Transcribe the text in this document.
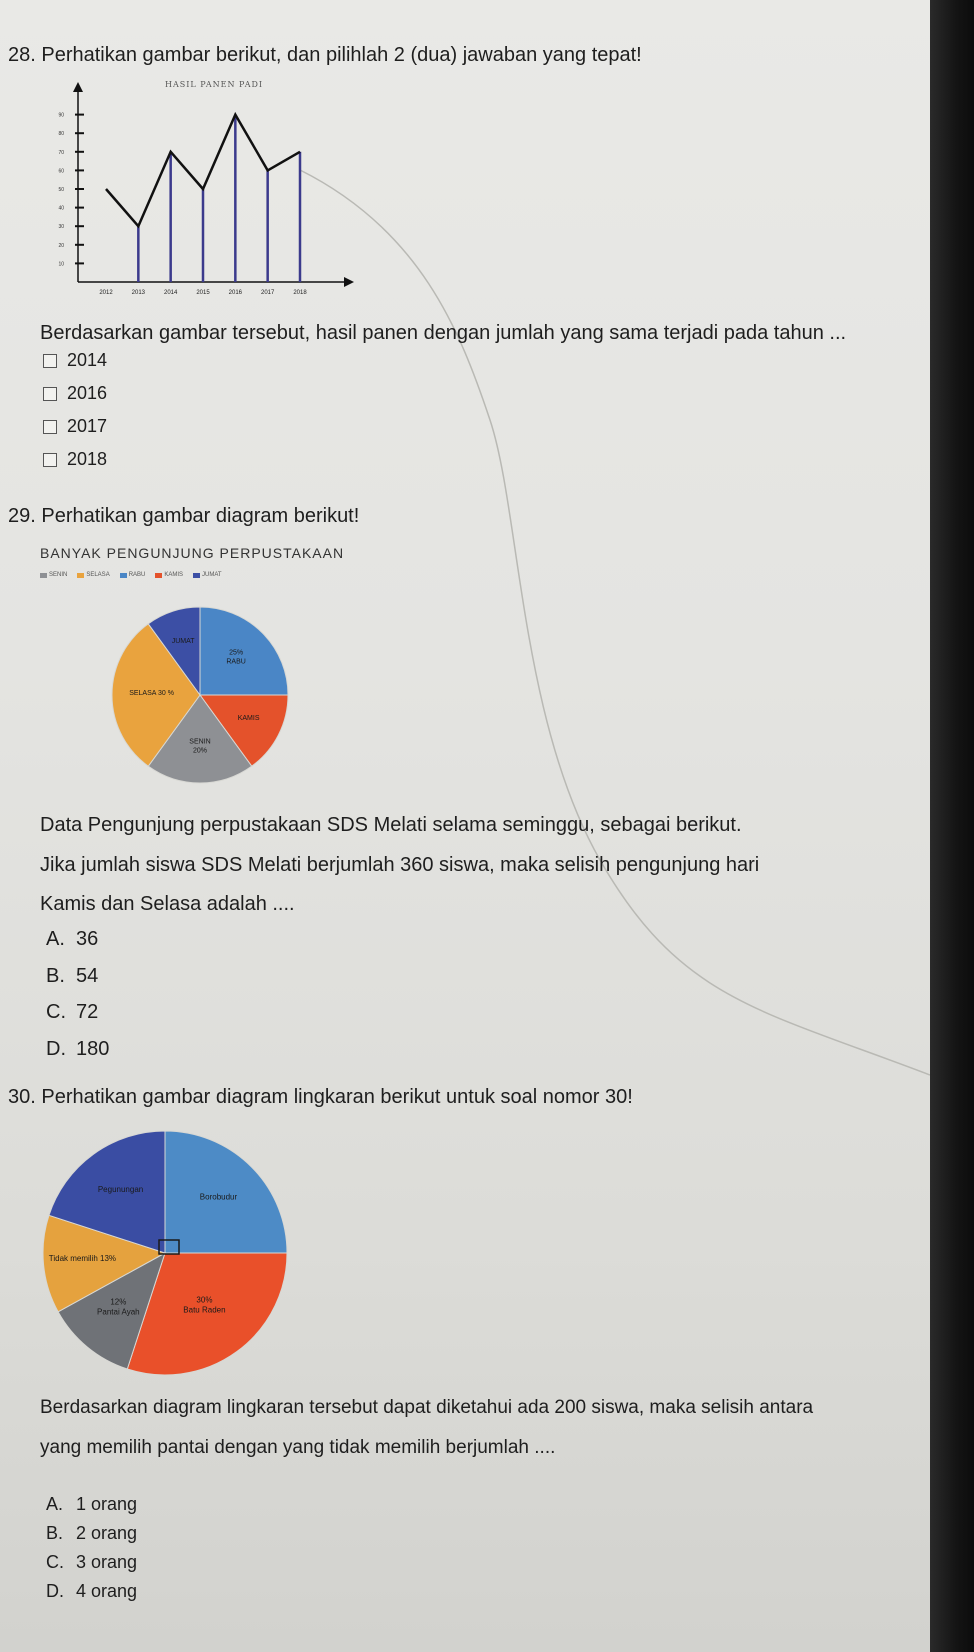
28. Perhatikan gambar berikut, dan pilihlah 2 (dua) jawaban yang tepat!
HASIL PANEN PADI
10
20
30
40
50
60
70
80
90
2012	2013	2014	2015	2016	2017	2018
Berdasarkan gambar tersebut, hasil panen dengan jumlah yang sama terjadi pada tahun ...
2014
2016
2017
2018
29. Perhatikan gambar diagram berikut!
BANYAK PENGUNJUNG PERPUSTAKAAN
SENIN	SELASA	RABU	KAMIS	JUMAT
25% RABU
KAMIS
SENIN 20%
SELASA 30 %
JUMAT
Data Pengunjung perpustakaan SDS Melati selama seminggu, sebagai berikut.
Jika jumlah siswa SDS Melati berjumlah 360 siswa, maka selisih pengunjung hari
Kamis dan Selasa adalah ....
A. 36
B. 54
C. 72
D. 180
30. Perhatikan gambar diagram lingkaran berikut untuk soal nomor 30!
Borobudur
30% Batu Raden
12% Pantai Ayah
Tidak memilih 13%
Pegunungan
Berdasarkan diagram lingkaran tersebut dapat diketahui ada 200 siswa, maka selisih antara
yang memilih pantai dengan yang tidak memilih berjumlah ....
A. 1 orang
B. 2 orang
C. 3 orang
D. 4 orang
